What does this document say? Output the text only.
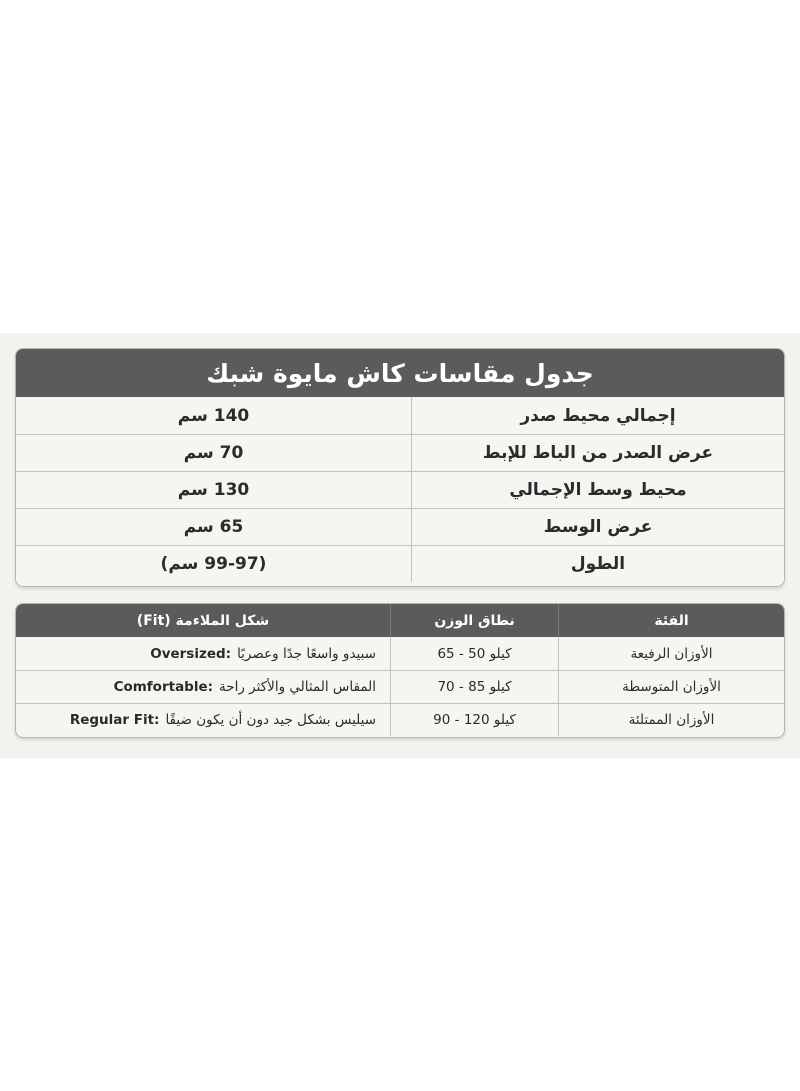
جدول مقاسات كاش مايوة شبك
إجمالي محيط صدر
140 سم
عرض الصدر من الباط للإبط
70 سم
محيط وسط الإجمالي
130 سم
عرض الوسط
65 سم
الطول
(99-97 سم)
الفئة
نطاق الوزن
شكل الملاءمة (Fit)
الأوزان الرفيعة
كيلو 50 - 65
سبيدو واسعًا جدًا وعصريًا
Oversized:
الأوزان المتوسطة
كيلو 85 - 70
المقاس المثالي والأكثر راحة
Comfortable:
الأوزان الممتلئة
كيلو 120 - 90
سيليس بشكل جيد دون أن يكون ضيقًا
Regular Fit:
